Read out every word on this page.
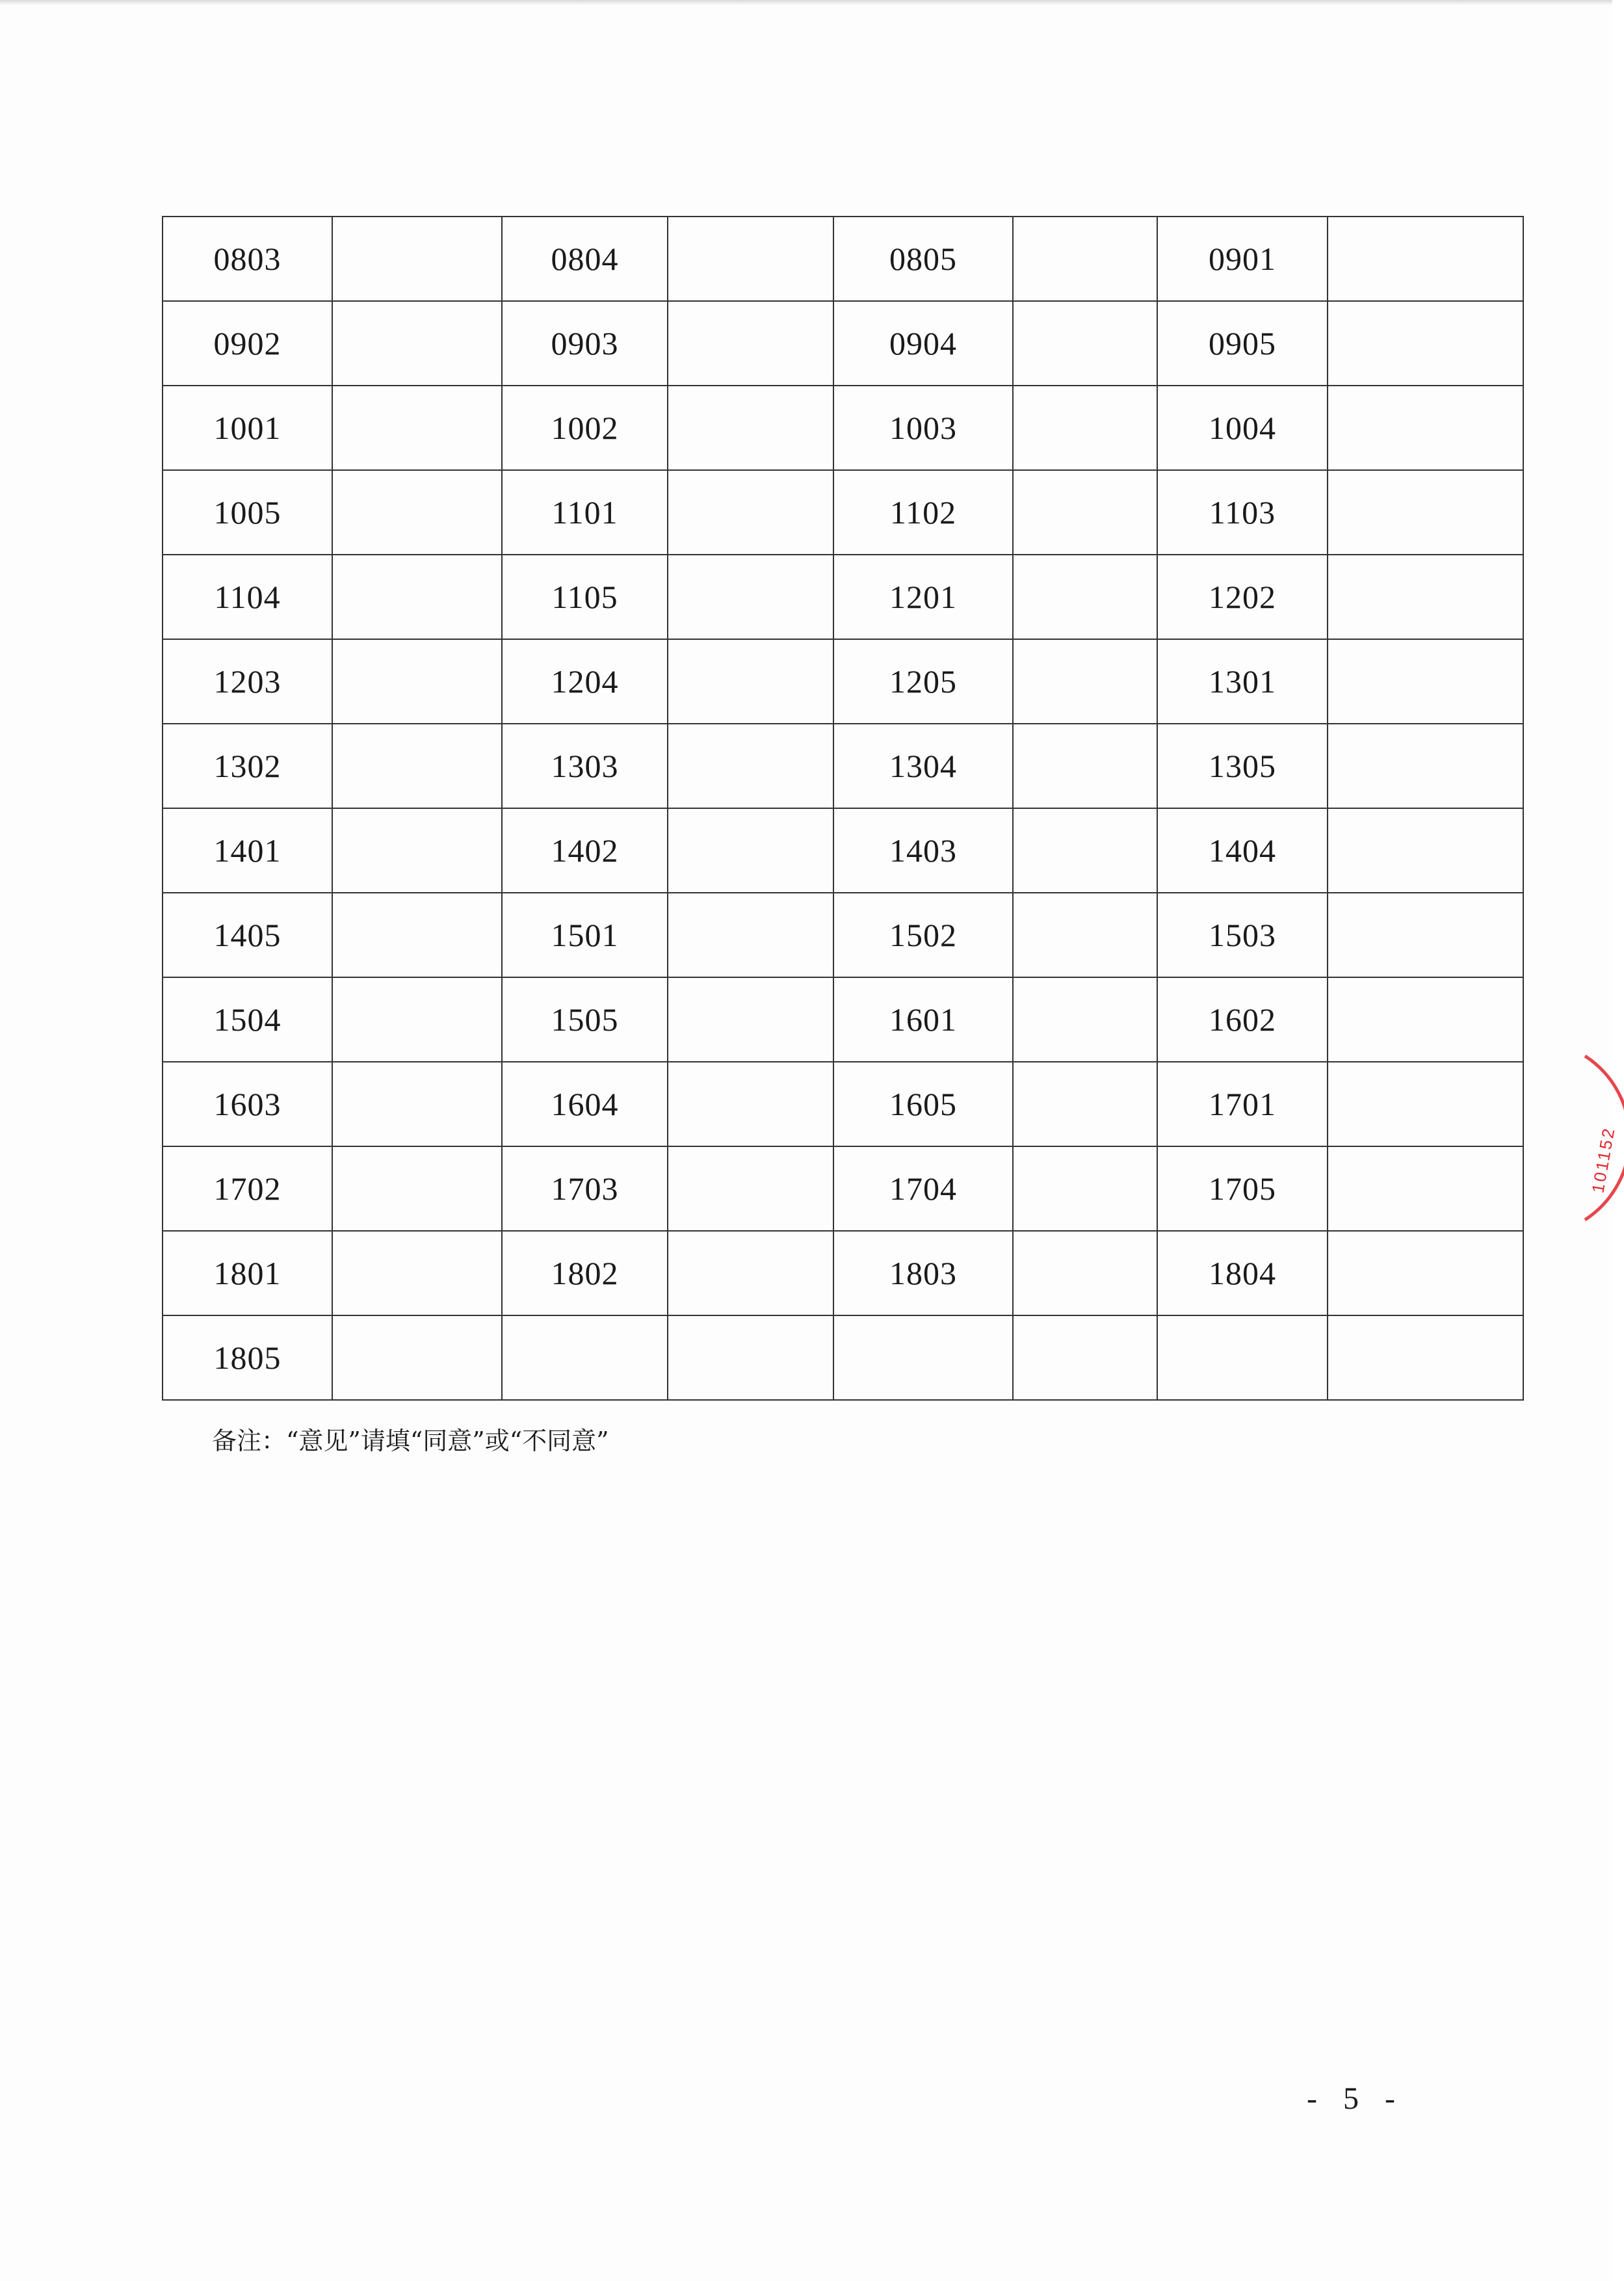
0803		0804		0805		0901	
0902		0903		0904		0905	
1001		1002		1003		1004	
1005		1101		1102		1103	
1104		1105		1201		1202	
1203		1204		1205		1301	
1302		1303		1304		1305	
1401		1402		1403		1404	
1405		1501		1502		1503	
1504		1505		1601		1602	
1603		1604		1605		1701	
1702		1703		1704		1705	
1801		1802		1803		1804	
1805							
备注：“意见”请填“同意”或“不同意”
- 5 -
101152
